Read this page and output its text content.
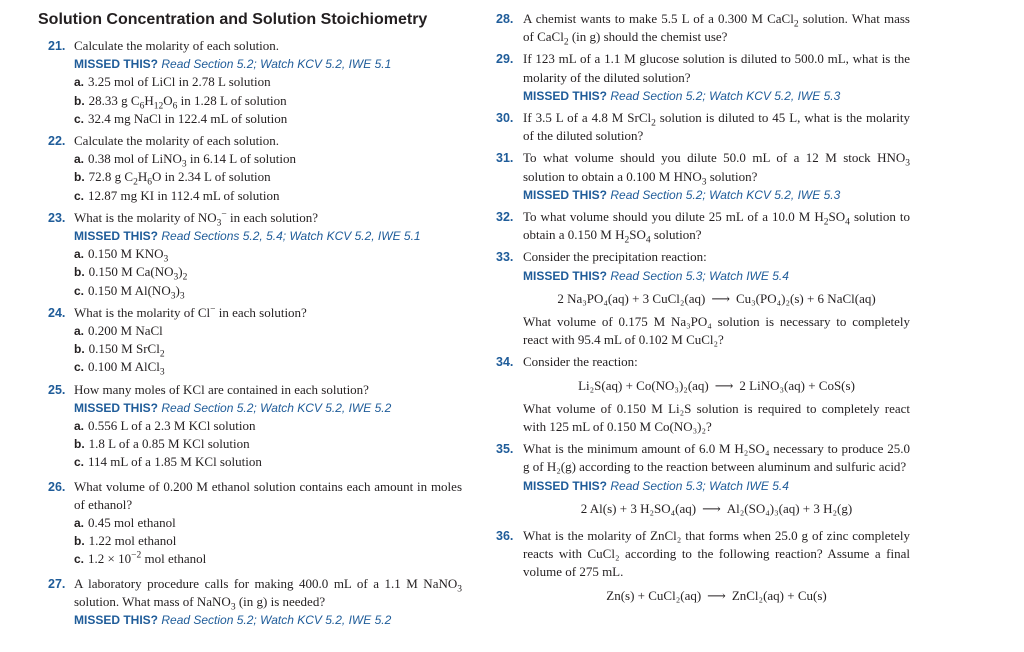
Solution Concentration and Solution Stoichiometry
21. Calculate the molarity of each solution.
MISSED THIS? Read Section 5.2; Watch KCV 5.2, IWE 5.1
a. 3.25 mol of LiCl in 2.78 L solution
b. 28.33 g $C_6H_{12}O_6$ in 1.28 L of solution
c. 32.4 mg NaCl in 122.4 mL of solution
22. Calculate the molarity of each solution.
a. 0.38 mol of LiNO$_3$ in 6.14 L of solution
b. 72.8 g $C_2H_6O$ in 2.34 L of solution
c. 12.87 mg KI in 112.4 mL of solution
23. What is the molarity of $NO_3^-$ in each solution?
MISSED THIS? Read Sections 5.2, 5.4; Watch KCV 5.2, IWE 5.1
a. 0.150 M $KNO_3$
b. 0.150 M $Ca(NO_3)_2$
c. 0.150 M $Al(NO_3)_3$
24. What is the molarity of Cl− in each solution?
a. 0.200 M NaCl
b. 0.150 M SrCl$_2$
c. 0.100 M AlCl$_3$
25. How many moles of KCl are contained in each solution?
MISSED THIS? Read Section 5.2; Watch KCV 5.2, IWE 5.2
a. 0.556 L of a 2.3 M KCl solution
b. 1.8 L of a 0.85 M KCl solution
c. 114 mL of a 1.85 M KCl solution
26. What volume of 0.200 M ethanol solution contains each amount in moles of ethanol?
a. 0.45 mol ethanol
b. 1.22 mol ethanol
c. $1.2 \times 10^{-2}$ mol ethanol
27. A laboratory procedure calls for making 400.0 mL of a 1.1 M NaNO$_3$ solution. What mass of NaNO$_3$ (in g) is needed?
MISSED THIS? Read Section 5.2; Watch KCV 5.2, IWE 5.2
28. A chemist wants to make 5.5 L of a 0.300 M CaCl$_2$ solution. What mass of CaCl$_2$ (in g) should the chemist use?
29. If 123 mL of a 1.1 M glucose solution is diluted to 500.0 mL, what is the molarity of the diluted solution?
MISSED THIS? Read Section 5.2; Watch KCV 5.2, IWE 5.3
30. If 3.5 L of a 4.8 M SrCl$_2$ solution is diluted to 45 L, what is the molarity of the diluted solution?
31. To what volume should you dilute 50.0 mL of a 12 M stock $HNO_3$ solution to obtain a 0.100 M $HNO_3$ solution?
MISSED THIS? Read Section 5.2; Watch KCV 5.2, IWE 5.3
32. To what volume should you dilute 25 mL of a 10.0 M $H_2SO_4$ solution to obtain a 0.150 M $H_2SO_4$ solution?
33. Consider the precipitation reaction:
MISSED THIS? Read Section 5.3; Watch IWE 5.4
2 Na₃PO₄(aq) + 3 CuCl₂(aq) ⟶ Cu₃(PO₄)₂(s) + 6 NaCl(aq)
What volume of 0.175 M Na₃PO₄ solution is necessary to completely react with 95.4 mL of 0.102 M CuCl₂?
34. Consider the reaction:
Li₂S(aq) + Co(NO₃)₂(aq) ⟶ 2 LiNO₃(aq) + CoS(s)
What volume of 0.150 M Li₂S solution is required to completely react with 125 mL of 0.150 M Co(NO₃)₂?
35. What is the minimum amount of 6.0 M H₂SO₄ necessary to produce 25.0 g of H₂(g) according to the reaction between aluminum and sulfuric acid?
MISSED THIS? Read Section 5.3; Watch IWE 5.4
2 Al(s) + 3 H₂SO₄(aq) ⟶ Al₂(SO₄)₃(aq) + 3 H₂(g)
36. What is the molarity of ZnCl₂ that forms when 25.0 g of zinc completely reacts with CuCl₂ according to the following reaction? Assume a final volume of 275 mL.
Zn(s) + CuCl₂(aq) ⟶ ZnCl₂(aq) + Cu(s)
